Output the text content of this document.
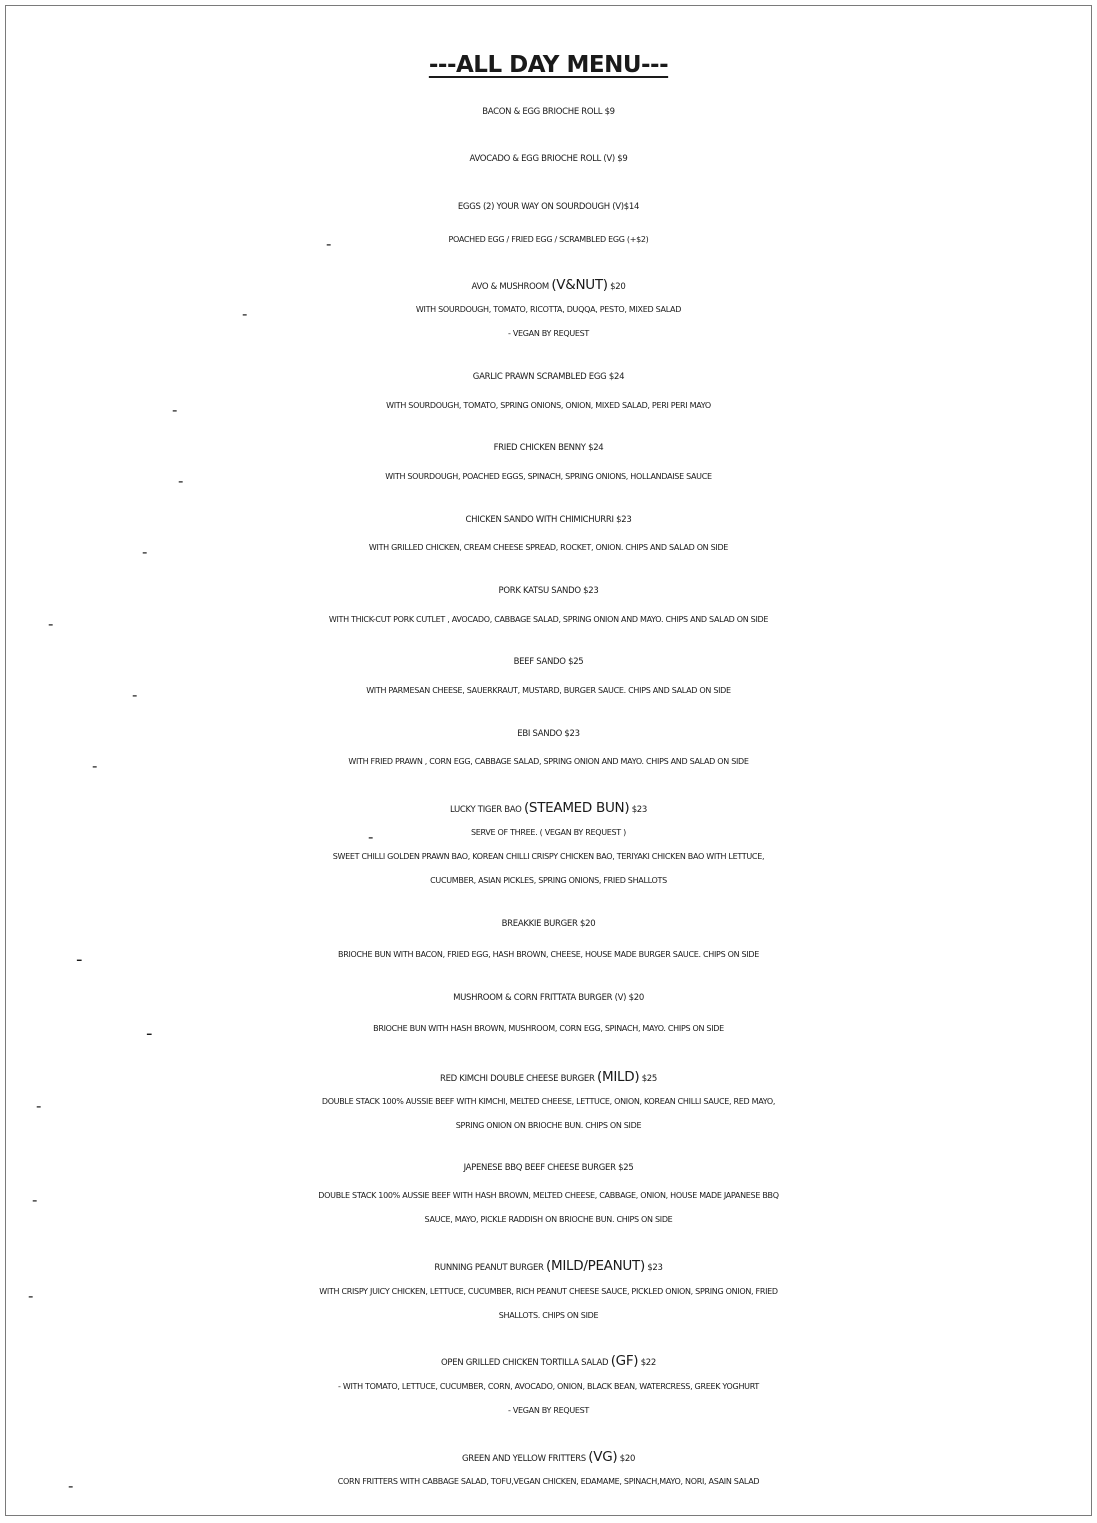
---ALL DAY MENU---
BACON & EGG BRIOCHE ROLL $9
AVOCADO & EGG BRIOCHE ROLL (V) $9
EGGS (2) YOUR WAY ON SOURDOUGH (V)$14
-	POACHED EGG / FRIED EGG / SCRAMBLED EGG (+$2)
AVO & MUSHROOM (V&NUT) $20
-	WITH SOURDOUGH, TOMATO, RICOTTA, DUQQA, PESTO, MIXED SALAD
- VEGAN BY REQUEST
GARLIC PRAWN SCRAMBLED EGG $24
-	WITH SOURDOUGH, TOMATO, SPRING ONIONS, ONION, MIXED SALAD, PERI PERI MAYO
FRIED CHICKEN BENNY $24
-	WITH SOURDOUGH, POACHED EGGS, SPINACH, SPRING ONIONS, HOLLANDAISE SAUCE
CHICKEN SANDO WITH CHIMICHURRI $23
-	WITH GRILLED CHICKEN, CREAM CHEESE SPREAD, ROCKET, ONION. CHIPS AND SALAD ON SIDE
PORK KATSU SANDO $23
-	WITH THICK-CUT PORK CUTLET , AVOCADO, CABBAGE SALAD, SPRING ONION AND MAYO. CHIPS AND SALAD ON SIDE
BEEF SANDO $25
-	WITH PARMESAN CHEESE, SAUERKRAUT, MUSTARD, BURGER SAUCE. CHIPS AND SALAD ON SIDE
EBI SANDO $23
-	WITH FRIED PRAWN , CORN EGG, CABBAGE SALAD, SPRING ONION AND MAYO. CHIPS AND SALAD ON SIDE
LUCKY TIGER BAO (STEAMED BUN) $23
-	SERVE OF THREE. ( VEGAN BY REQUEST )
SWEET CHILLI GOLDEN PRAWN BAO, KOREAN CHILLI CRISPY CHICKEN BAO, TERIYAKI CHICKEN BAO WITH LETTUCE,
CUCUMBER, ASIAN PICKLES, SPRING ONIONS, FRIED SHALLOTS
BREAKKIE BURGER $20
-	BRIOCHE BUN WITH BACON, FRIED EGG, HASH BROWN, CHEESE, HOUSE MADE BURGER SAUCE. CHIPS ON SIDE
MUSHROOM & CORN FRITTATA BURGER (V) $20
-	BRIOCHE BUN WITH HASH BROWN, MUSHROOM, CORN EGG, SPINACH, MAYO. CHIPS ON SIDE
RED KIMCHI DOUBLE CHEESE BURGER (MILD) $25
-	DOUBLE STACK 100% AUSSIE BEEF WITH KIMCHI, MELTED CHEESE, LETTUCE, ONION, KOREAN CHILLI SAUCE, RED MAYO,
SPRING ONION ON BRIOCHE BUN. CHIPS ON SIDE
JAPENESE BBQ BEEF CHEESE BURGER $25
-	DOUBLE STACK 100% AUSSIE BEEF WITH HASH BROWN, MELTED CHEESE, CABBAGE, ONION, HOUSE MADE JAPANESE BBQ
SAUCE, MAYO, PICKLE RADDISH ON BRIOCHE BUN. CHIPS ON SIDE
RUNNING PEANUT BURGER (MILD/PEANUT) $23
-	WITH CRISPY JUICY CHICKEN, LETTUCE, CUCUMBER, RICH PEANUT CHEESE SAUCE, PICKLED ONION, SPRING ONION, FRIED
SHALLOTS. CHIPS ON SIDE
OPEN GRILLED CHICKEN TORTILLA SALAD (GF) $22
- WITH TOMATO, LETTUCE, CUCUMBER, CORN, AVOCADO, ONION, BLACK BEAN, WATERCRESS, GREEK YOGHURT
- VEGAN BY REQUEST
GREEN AND YELLOW FRITTERS (VG) $20
-	CORN FRITTERS WITH CABBAGE SALAD, TOFU,VEGAN CHICKEN, EDAMAME, SPINACH,MAYO, NORI, ASAIN SALAD
